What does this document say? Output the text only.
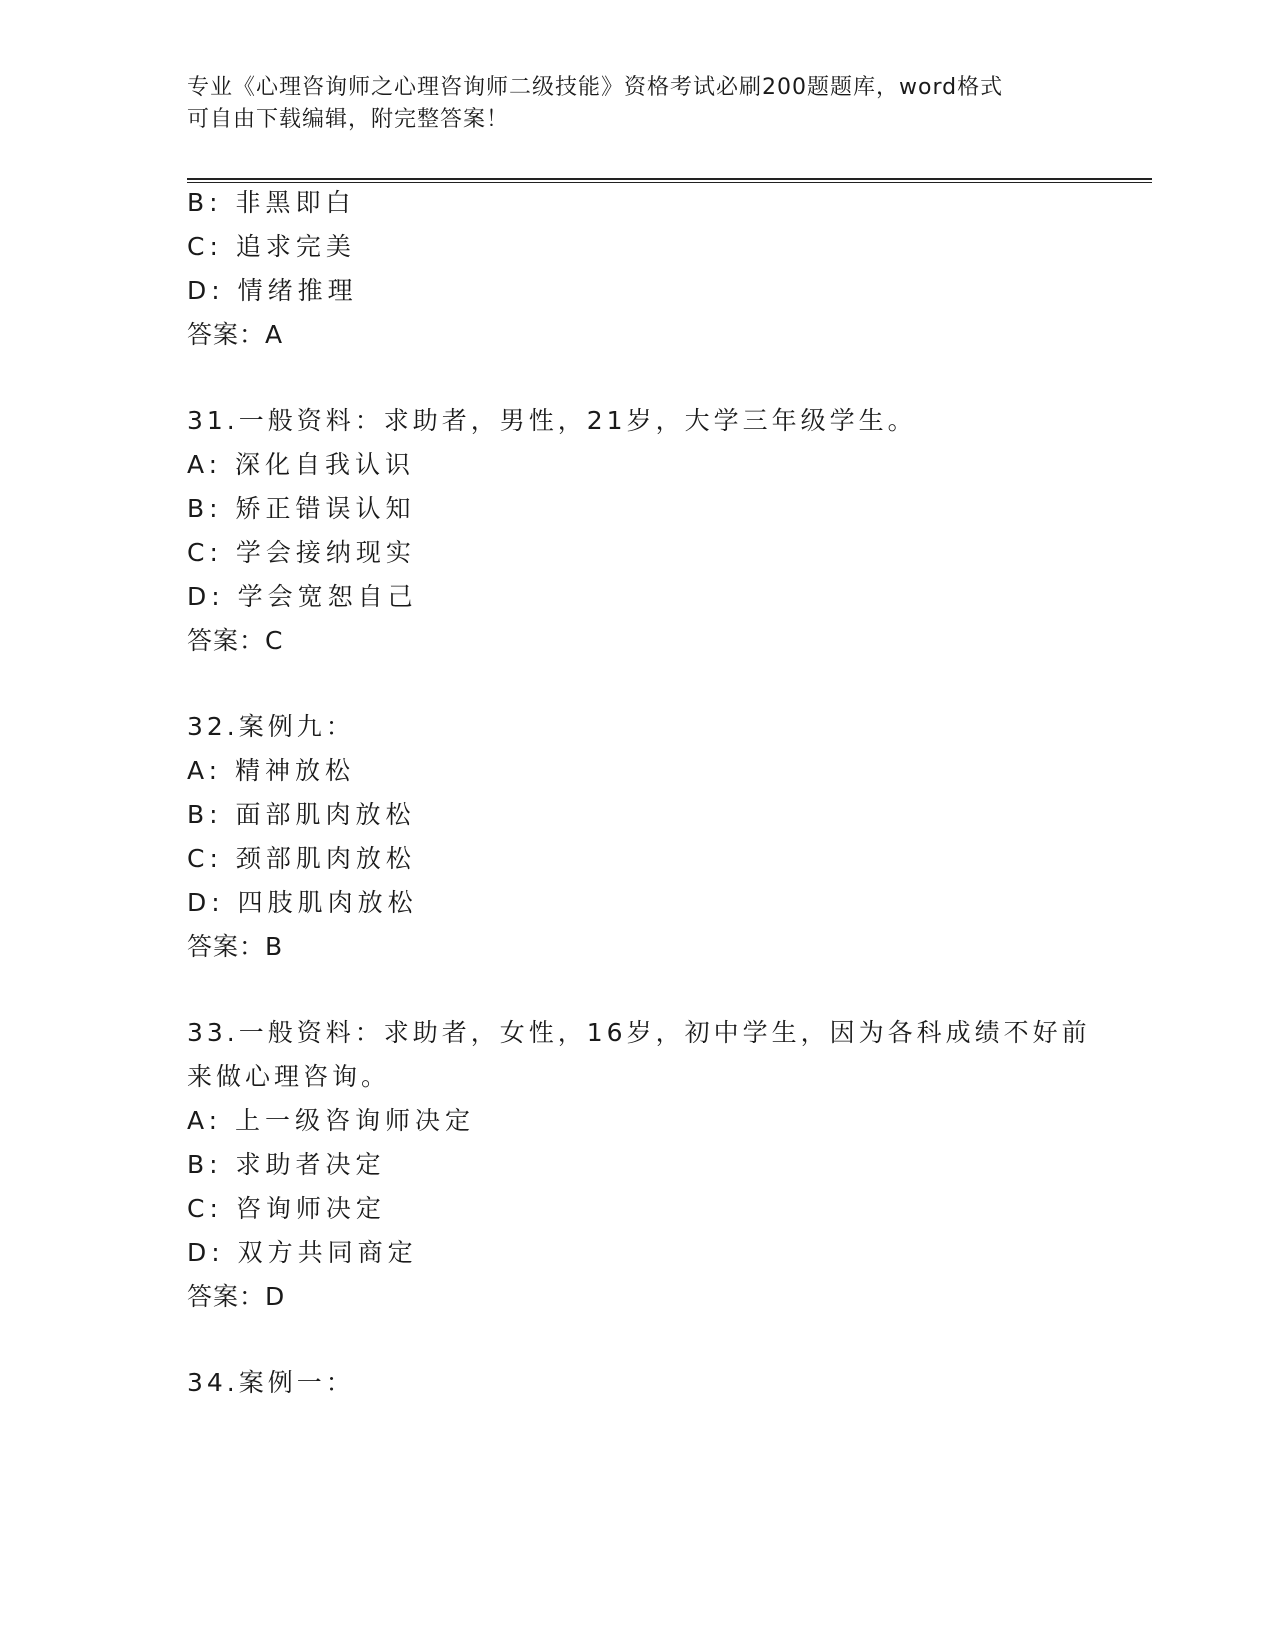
专业《心理咨询师之心理咨询师二级技能》资格考试必刷200题题库，word格式
可自由下载编辑，附完整答案！
B: 非黑即白
C: 追求完美
D: 情绪推理
答案：A
31.一般资料：求助者，男性，21岁，大学三年级学生。
A: 深化自我认识
B: 矫正错误认知
C: 学会接纳现实
D: 学会宽恕自己
答案：C
32.案例九：
A: 精神放松
B: 面部肌肉放松
C: 颈部肌肉放松
D: 四肢肌肉放松
答案：B
33.一般资料：求助者，女性，16岁，初中学生，因为各科成绩不好前
来做心理咨询。
A: 上一级咨询师决定
B: 求助者决定
C: 咨询师决定
D: 双方共同商定
答案：D
34.案例一：
